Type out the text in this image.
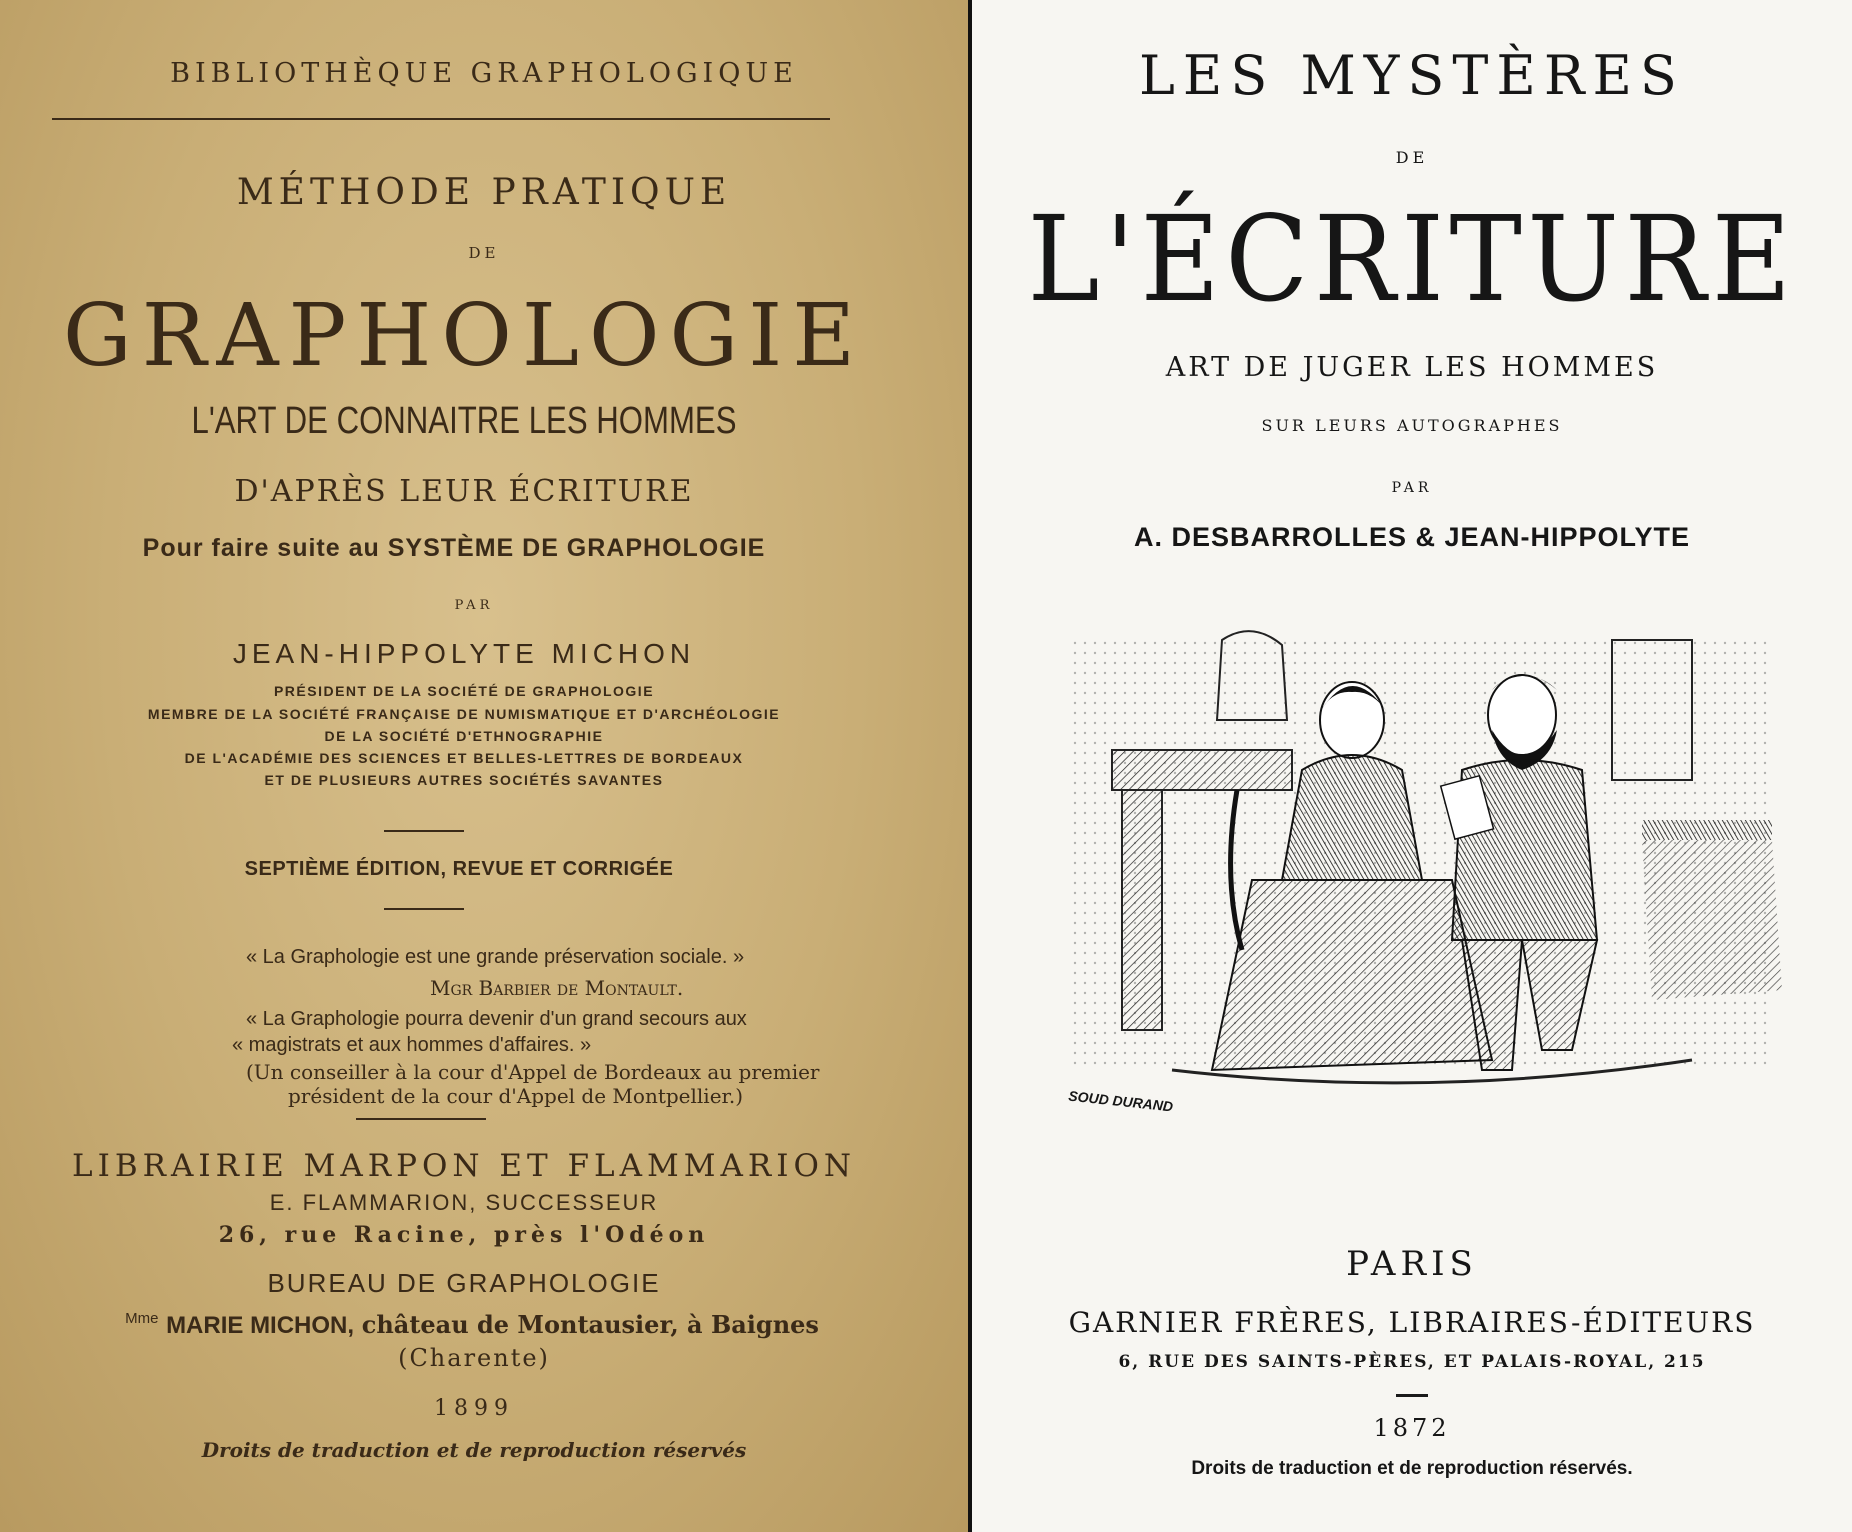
BIBLIOTHÈQUE GRAPHOLOGIQUE
MÉTHODE PRATIQUE
DE
GRAPHOLOGIE
L'ART DE CONNAITRE LES HOMMES
D'APRÈS LEUR ÉCRITURE
Pour faire suite au SYSTÈME DE GRAPHOLOGIE
PAR
JEAN-HIPPOLYTE MICHON
PRÉSIDENT DE LA SOCIÉTÉ DE GRAPHOLOGIE
MEMBRE DE LA SOCIÉTÉ FRANÇAISE DE NUMISMATIQUE ET D'ARCHÉOLOGIE
DE LA SOCIÉTÉ D'ETHNOGRAPHIE
DE L'ACADÉMIE DES SCIENCES ET BELLES-LETTRES DE BORDEAUX
ET DE PLUSIEURS AUTRES SOCIÉTÉS SAVANTES
SEPTIÈME ÉDITION, REVUE ET CORRIGÉE
« La Graphologie est une grande préservation sociale. »
Mgr Barbier de Montault.
« La Graphologie pourra devenir d'un grand secours aux
« magistrats et aux hommes d'affaires. »
(Un conseiller à la cour d'Appel de Bordeaux au premier
président de la cour d'Appel de Montpellier.)
LIBRAIRIE MARPON ET FLAMMARION
E. FLAMMARION, SUCCESSEUR
26, rue Racine, près l'Odéon
BUREAU DE GRAPHOLOGIE
$^{Mme}$ MARIE MICHON, château de Montausier, à Baignes
(Charente)
1899
Droits de traduction et de reproduction réservés
LES MYSTÈRES
DE
L'ÉCRITURE
ART DE JUGER LES HOMMES
SUR LEURS AUTOGRAPHES
PAR
A. DESBARROLLES & JEAN-HIPPOLYTE
SOUD DURAND
PARIS
GARNIER FRÈRES, LIBRAIRES-ÉDITEURS
6, RUE DES SAINTS-PÈRES, ET PALAIS-ROYAL, 215
1872
Droits de traduction et de reproduction réservés.
